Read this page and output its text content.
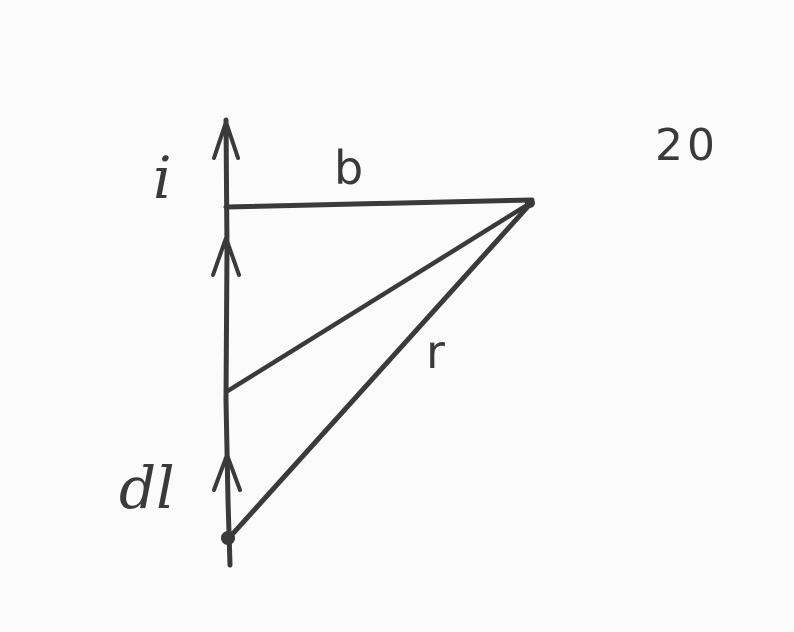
i	b
dl
r
20
